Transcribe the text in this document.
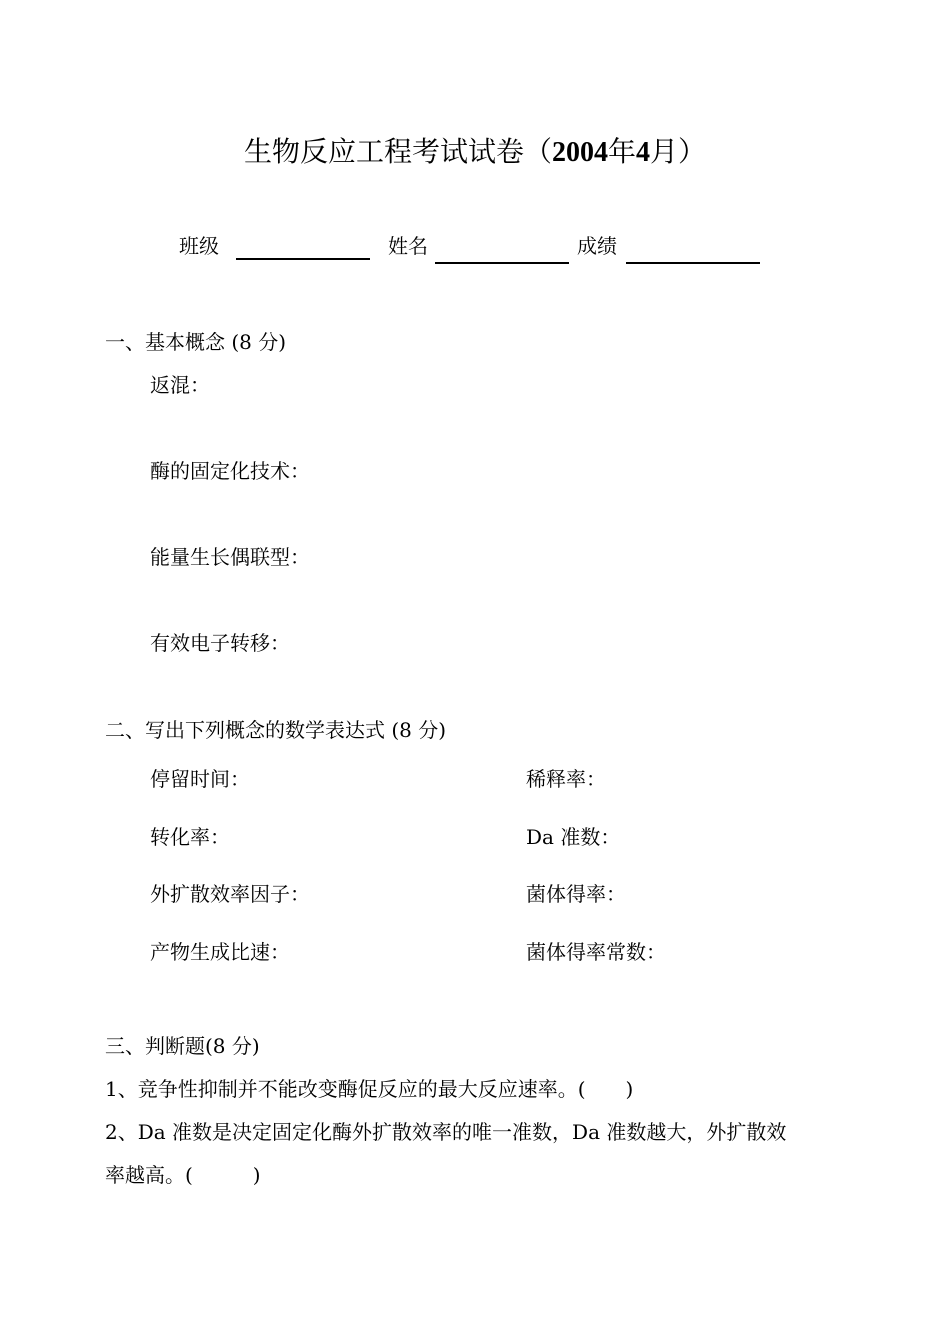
生物反应工程考试试卷（2004年4月）
班级	姓名	成绩
一、基本概念 (8 分)
返混：
酶的固定化技术：
能量生长偶联型：
有效电子转移：
二、写出下列概念的数学表达式 (8 分)
停留时间：
转化率：
外扩散效率因子：
产物生成比速：
稀释率：
Da 准数：
菌体得率：
菌体得率常数：
三、判断题(8 分)
1、竞争性抑制并不能改变酶促反应的最大反应速率。(　　)
2、Da 准数是决定固定化酶外扩散效率的唯一准数，Da 准数越大，外扩散效
率越高。(　　　)
